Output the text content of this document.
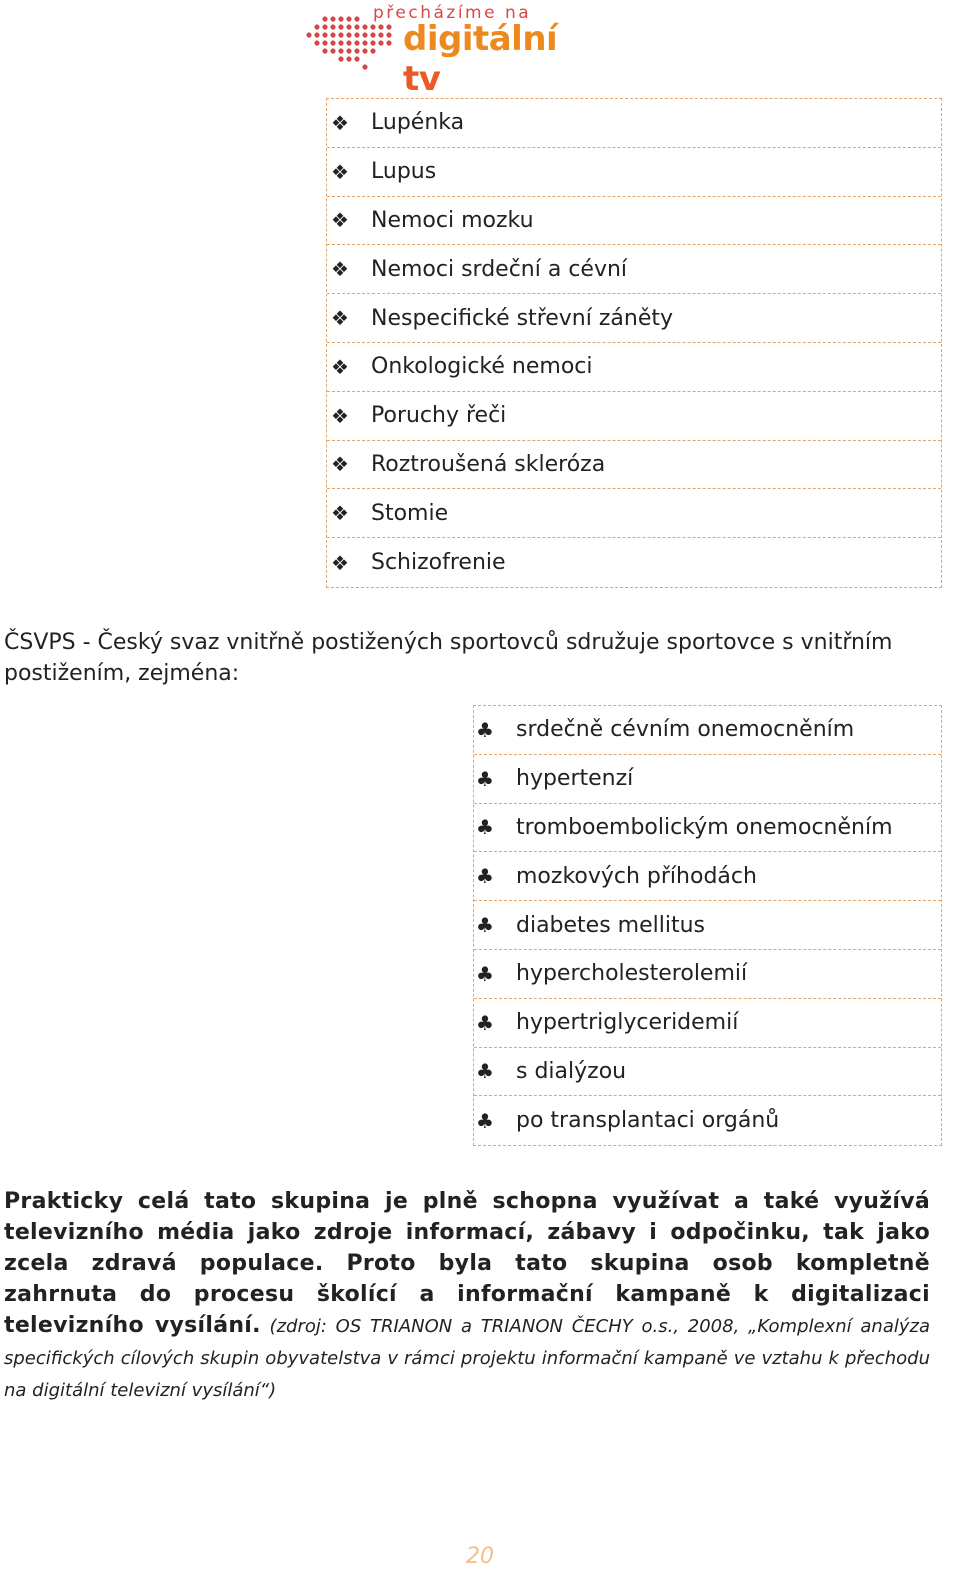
přecházíme na
digitální tv
❖	Lupénka
❖	Lupus
❖	Nemoci mozku
❖	Nemoci srdeční a cévní
❖	Nespecifické střevní záněty
❖	Onkologické nemoci
❖	Poruchy řeči
❖	Roztroušená skleróza
❖	Stomie
❖	Schizofrenie

ČSVPS - Český svaz vnitřně postižených sportovců sdružuje sportovce s vnitřním postižením, zejména:

♣	srdečně cévním onemocněním
♣	hypertenzí
♣	tromboembolickým onemocněním
♣	mozkových příhodách
♣	diabetes mellitus
♣	hypercholesterolemií
♣	hypertriglyceridemií
♣	s dialýzou
♣	po transplantaci orgánů

Prakticky celá tato skupina je plně schopna využívat a také využívá televizního média jako zdroje informací, zábavy i odpočinku, tak jako zcela zdravá populace. Proto byla tato skupina osob kompletně zahrnuta do procesu školící a informační kampaně k digitalizaci televizního vysílání. (zdroj: OS TRIANON a TRIANON ČECHY o.s., 2008, „Komplexní analýza specifických cílových skupin obyvatelstva v rámci projektu informační kampaně ve vztahu k přechodu na digitální televizní vysílání“)

20
